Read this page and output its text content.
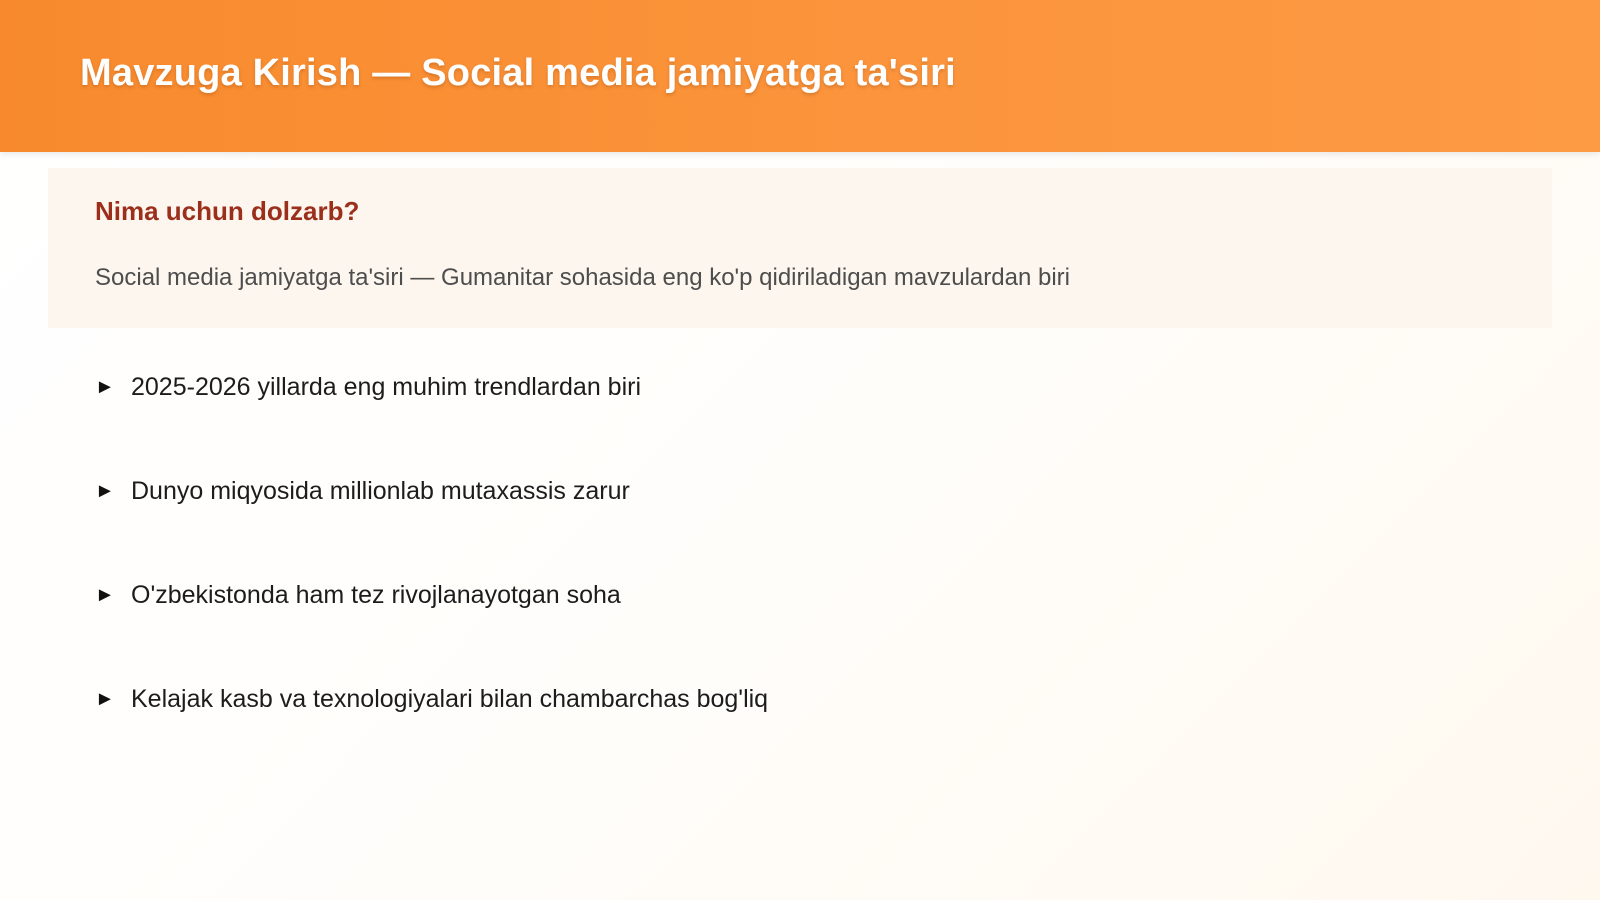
Mavzuga Kirish — Social media jamiyatga ta'siri
Nima uchun dolzarb?

Social media jamiyatga ta'siri — Gumanitar sohasida eng ko'p qidiriladigan mavzulardan biri

► 2025-2026 yillarda eng muhim trendlardan biri
► Dunyo miqyosida millionlab mutaxassis zarur
► O'zbekistonda ham tez rivojlanayotgan soha
► Kelajak kasb va texnologiyalari bilan chambarchas bog'liq
